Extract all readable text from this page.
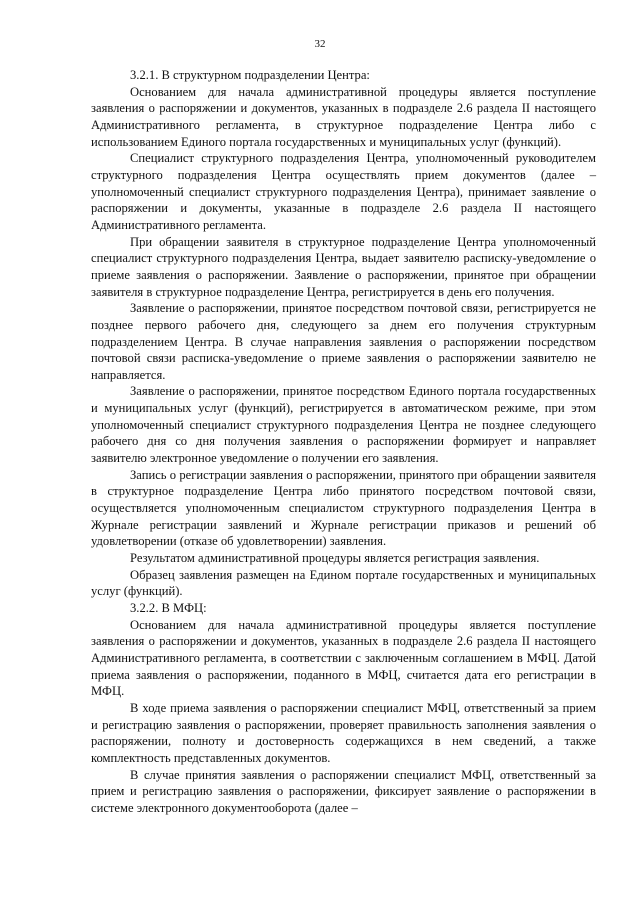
32

3.2.1. В структурном подразделении Центра:

Основанием для начала административной процедуры является поступление заявления о распоряжении и документов, указанных в подразделе 2.6 раздела II настоящего Административного регламента, в структурное подразделение Центра либо с использованием Единого портала государственных и муниципальных услуг (функций).

Специалист структурного подразделения Центра, уполномоченный руководителем структурного подразделения Центра осуществлять прием документов (далее – уполномоченный специалист структурного подразделения Центра), принимает заявление о распоряжении и документы, указанные в подразделе 2.6 раздела II настоящего Административного регламента.

При обращении заявителя в структурное подразделение Центра уполномоченный специалист структурного подразделения Центра, выдает заявителю расписку-уведомление о приеме заявления о распоряжении. Заявление о распоряжении, принятое при обращении заявителя в структурное подразделение Центра, регистрируется в день его получения.

Заявление о распоряжении, принятое посредством почтовой связи, регистрируется не позднее первого рабочего дня, следующего за днем его получения структурным подразделением Центра. В случае направления заявления о распоряжении посредством почтовой связи расписка-уведомление о приеме заявления о распоряжении заявителю не направляется.

Заявление о распоряжении, принятое посредством Единого портала государственных и муниципальных услуг (функций), регистрируется в автоматическом режиме, при этом уполномоченный специалист структурного подразделения Центра не позднее следующего рабочего дня со дня получения заявления о распоряжении формирует и направляет заявителю электронное уведомление о получении его заявления.

Запись о регистрации заявления о распоряжении, принятого при обращении заявителя в структурное подразделение Центра либо принятого посредством почтовой связи, осуществляется уполномоченным специалистом структурного подразделения Центра в Журнале регистрации заявлений и Журнале регистрации приказов и решений об удовлетворении (отказе об удовлетворении) заявления.

Результатом административной процедуры является регистрация заявления.

Образец заявления размещен на Едином портале государственных и муниципальных услуг (функций).

3.2.2. В МФЦ:

Основанием для начала административной процедуры является поступление заявления о распоряжении и документов, указанных в подразделе 2.6 раздела II настоящего Административного регламента, в соответствии с заключенным соглашением в МФЦ. Датой приема заявления о распоряжении, поданного в МФЦ, считается дата его регистрации в МФЦ.

В ходе приема заявления о распоряжении специалист МФЦ, ответственный за прием и регистрацию заявления о распоряжении, проверяет правильность заполнения заявления о распоряжении, полноту и достоверность содержащихся в нем сведений, а также комплектность представленных документов.

В случае принятия заявления о распоряжении специалист МФЦ, ответственный за прием и регистрацию заявления о распоряжении, фиксирует заявление о распоряжении в системе электронного документооборота (далее –
